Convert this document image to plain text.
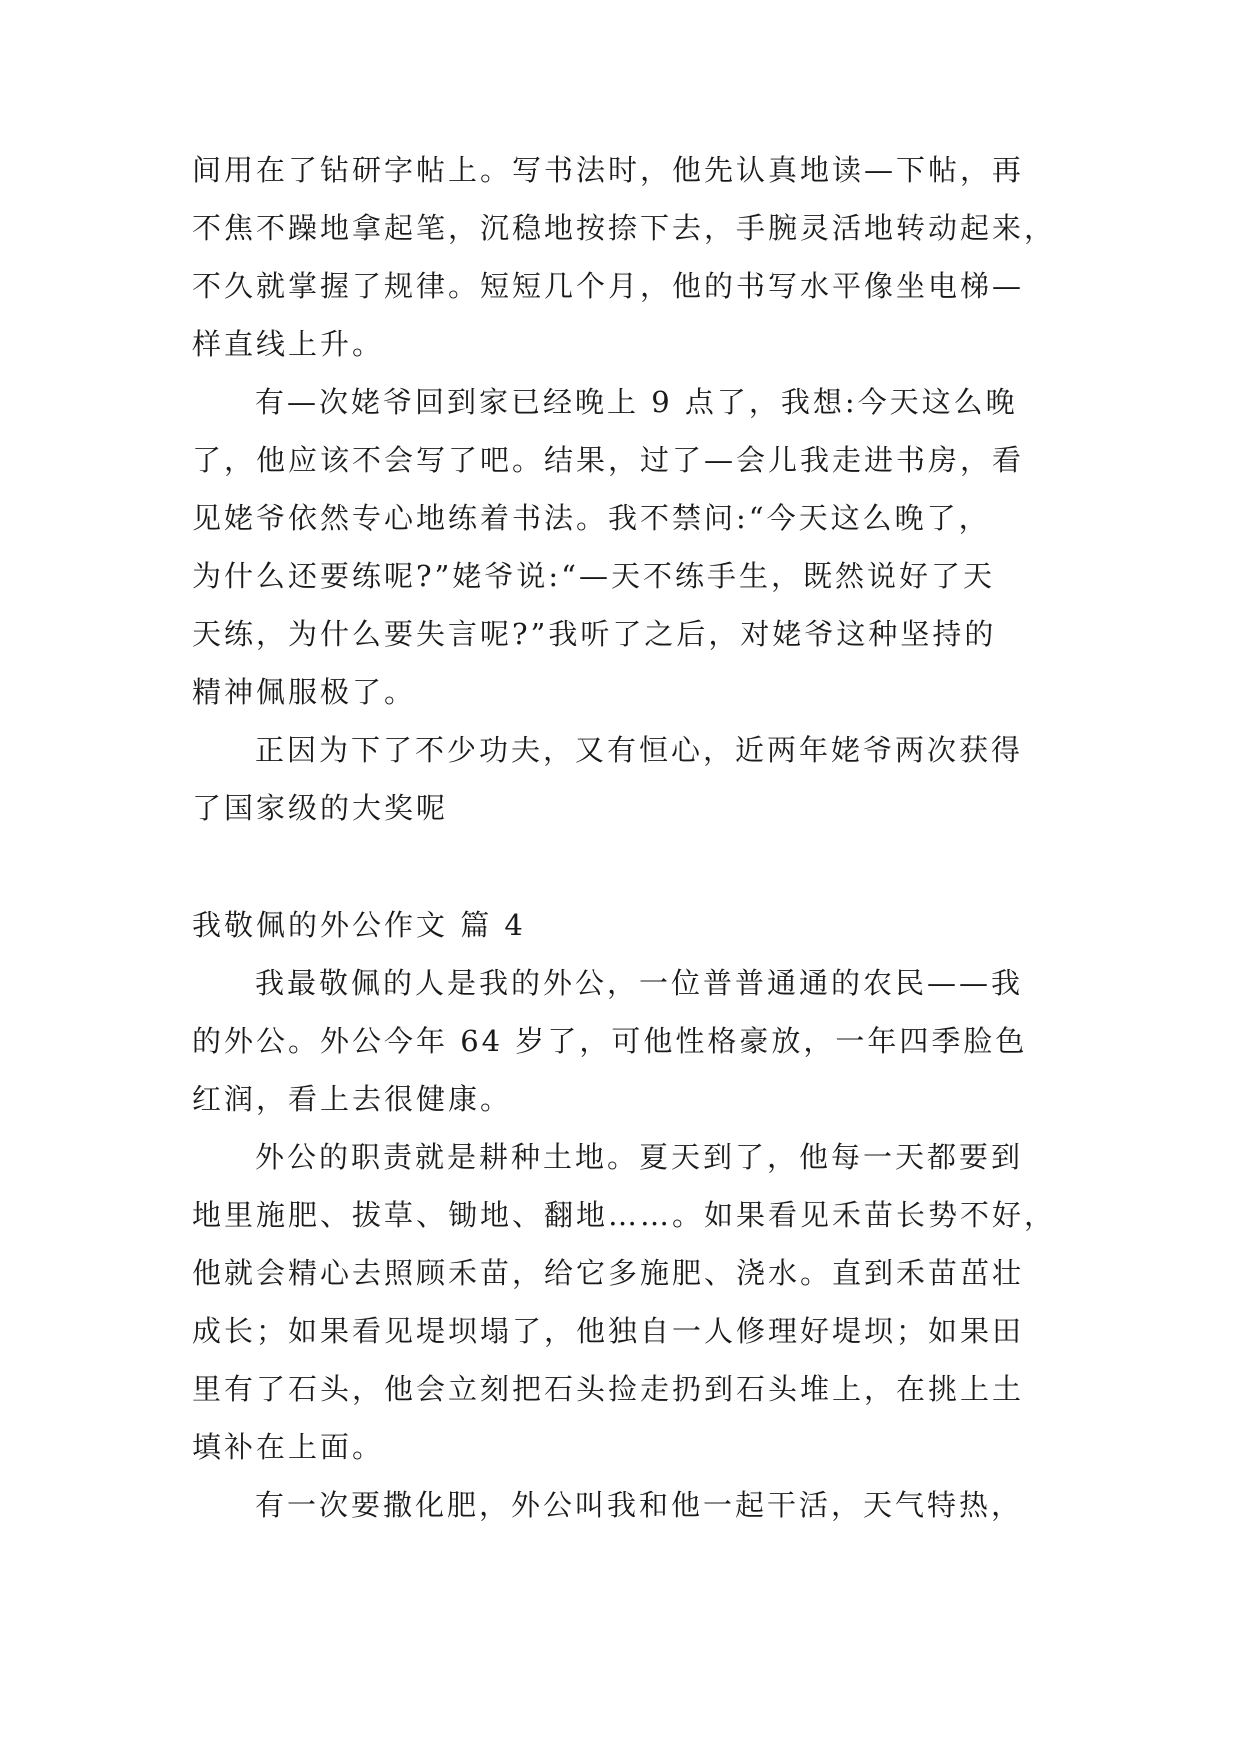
间用在了钻研字帖上。写书法时，他先认真地读—下帖，再
不焦不躁地拿起笔，沉稳地按捺下去，手腕灵活地转动起来，
不久就掌握了规律。短短几个月，他的书写水平像坐电梯—
样直线上升。
有—次姥爷回到家已经晚上 9 点了，我想:今天这么晚
了，他应该不会写了吧。结果，过了—会儿我走进书房，看
见姥爷依然专心地练着书法。我不禁问:“今天这么晚了，
为什么还要练呢?”姥爷说:“—天不练手生，既然说好了天
天练，为什么要失言呢?”我听了之后，对姥爷这种坚持的
精神佩服极了。
正因为下了不少功夫，又有恒心，近两年姥爷两次获得
了国家级的大奖呢
我敬佩的外公作文 篇 4
我最敬佩的人是我的外公，一位普普通通的农民——我
的外公。外公今年 64 岁了，可他性格豪放，一年四季脸色
红润，看上去很健康。
外公的职责就是耕种土地。夏天到了，他每一天都要到
地里施肥、拔草、锄地、翻地……。如果看见禾苗长势不好，
他就会精心去照顾禾苗，给它多施肥、浇水。直到禾苗茁壮
成长；如果看见堤坝塌了，他独自一人修理好堤坝；如果田
里有了石头，他会立刻把石头捡走扔到石头堆上，在挑上土
填补在上面。
有一次要撒化肥，外公叫我和他一起干活，天气特热，
